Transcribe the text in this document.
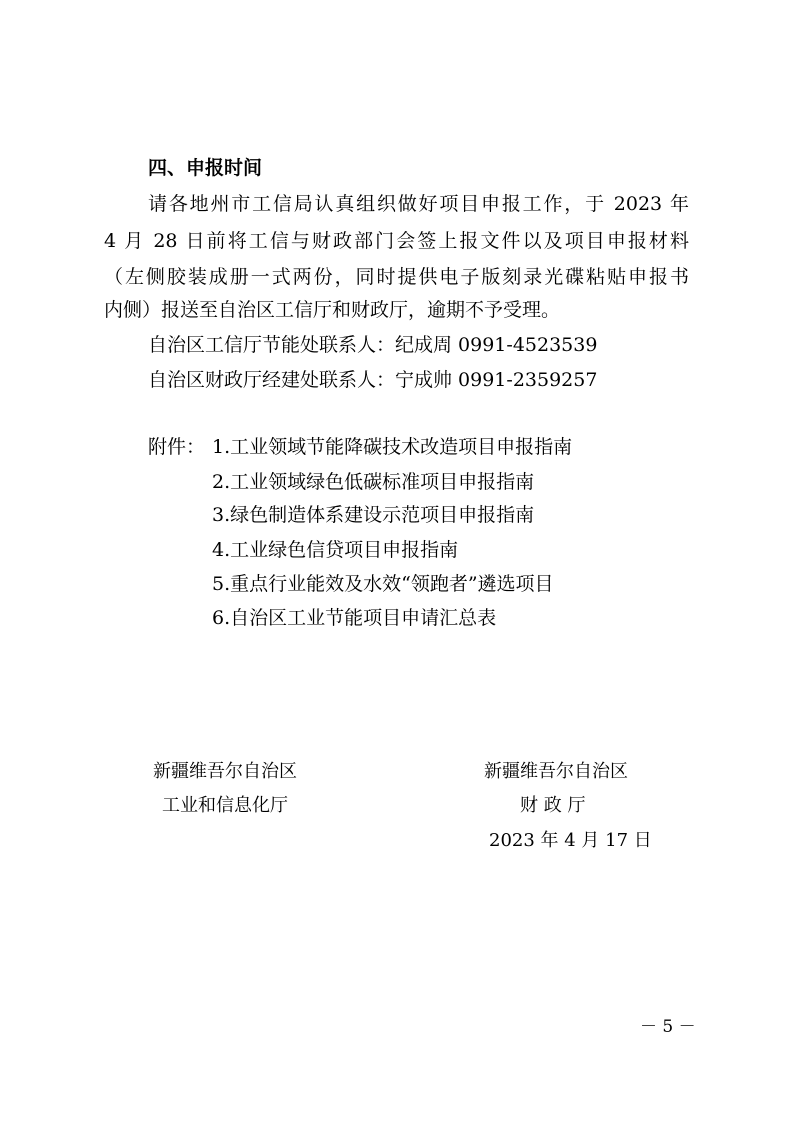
四、申报时间
请各地州市工信局认真组织做好项目申报工作，于 2023 年
4 月 28 日前将工信与财政部门会签上报文件以及项目申报材料
（左侧胶装成册一式两份，同时提供电子版刻录光碟粘贴申报书
内侧）报送至自治区工信厅和财政厅，逾期不予受理。
自治区工信厅节能处联系人：纪成周 0991-4523539
自治区财政厅经建处联系人：宁成帅 0991-2359257
附件： 1.工业领域节能降碳技术改造项目申报指南
2.工业领域绿色低碳标准项目申报指南
3.绿色制造体系建设示范项目申报指南
4.工业绿色信贷项目申报指南
5.重点行业能效及水效“领跑者”遴选项目
6.自治区工业节能项目申请汇总表
新疆维吾尔自治区
工业和信息化厅
新疆维吾尔自治区
财 政 厅
2023 年 4 月 17 日
－ 5 －
